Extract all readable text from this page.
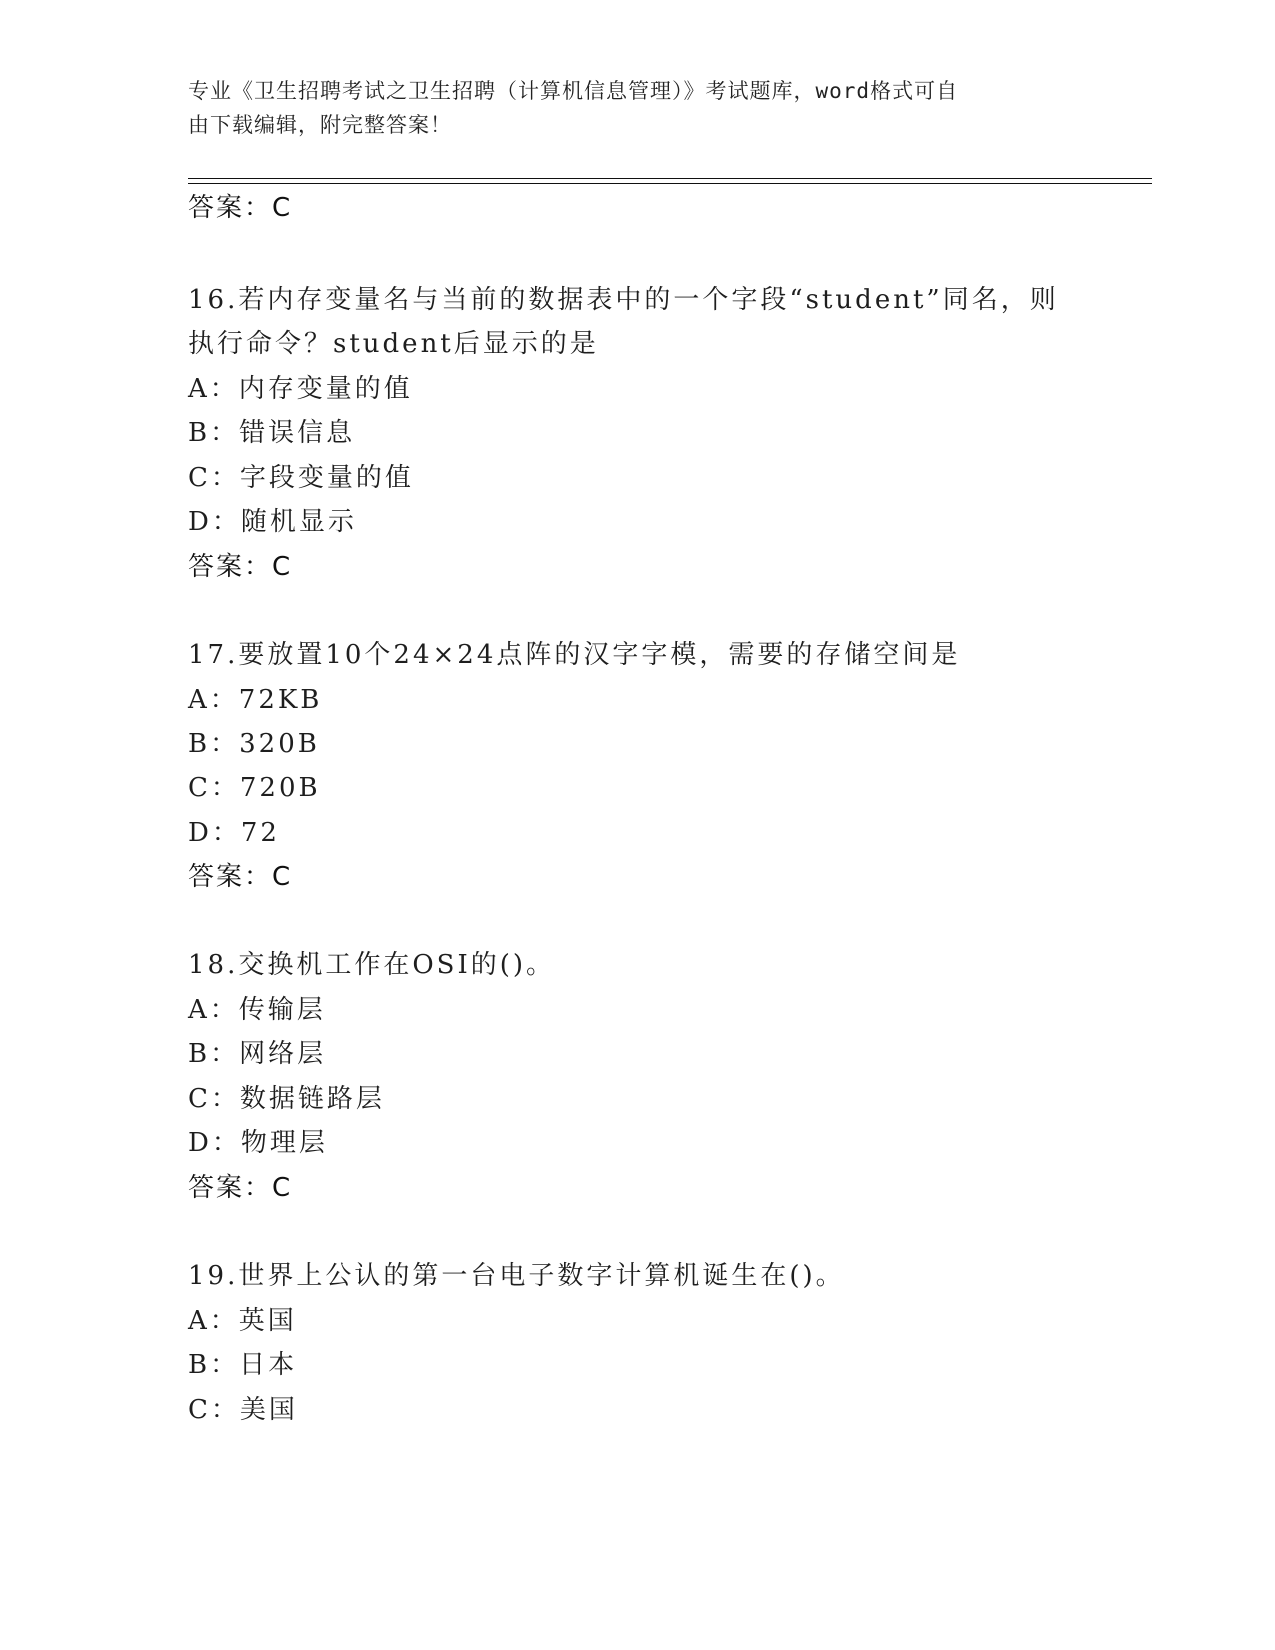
专业《卫生招聘考试之卫生招聘（计算机信息管理）》考试题库，word格式可自
由下载编辑，附完整答案！
答案：C
16.若内存变量名与当前的数据表中的一个字段“student”同名，则
执行命令？student后显示的是
A：内存变量的值
B：错误信息
C：字段变量的值
D：随机显示
答案：C
17.要放置10个24×24点阵的汉字字模，需要的存储空间是
A：72KB
B：320B
C：720B
D：72
答案：C
18.交换机工作在OSI的()。
A：传输层
B：网络层
C：数据链路层
D：物理层
答案：C
19.世界上公认的第一台电子数字计算机诞生在()。
A：英国
B：日本
C：美国
